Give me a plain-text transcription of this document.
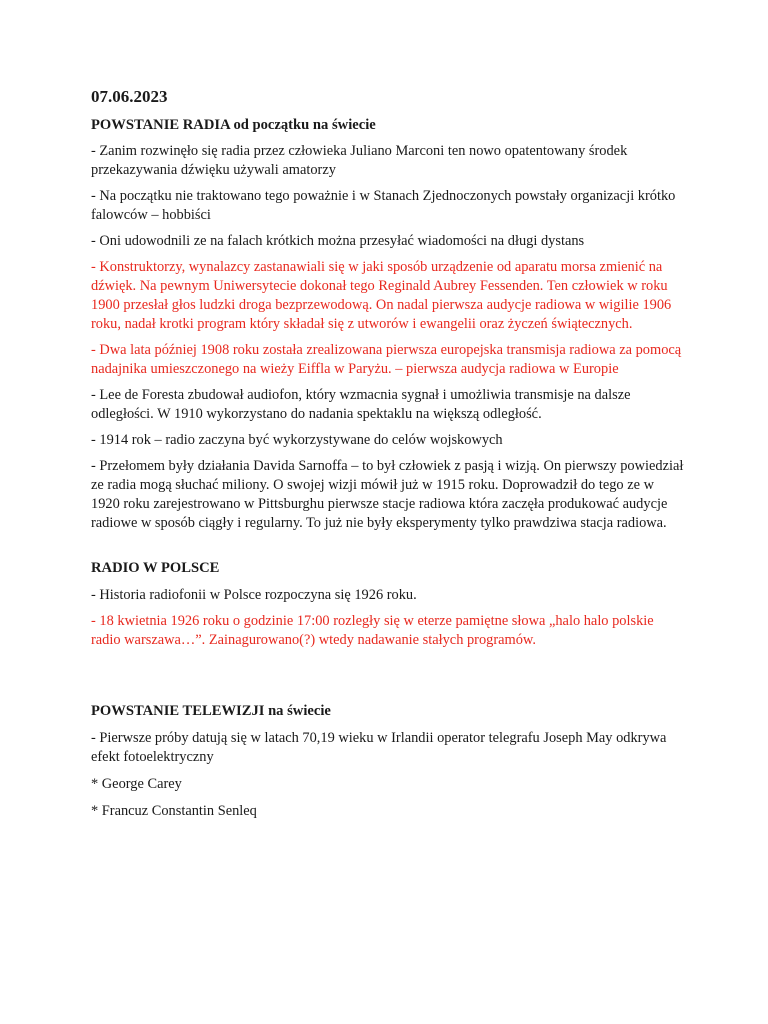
07.06.2023
POWSTANIE RADIA od początku na świecie
- Zanim rozwinęło się radia przez człowieka Juliano Marconi ten nowo opatentowany środek przekazywania dźwięku używali amatorzy
- Na początku nie traktowano tego poważnie i w Stanach Zjednoczonych powstały organizacji krótko falowców – hobbiści
- Oni udowodnili ze na falach krótkich można przesyłać wiadomości na długi dystans
- Konstruktorzy, wynalazcy zastanawiali się w jaki sposób urządzenie od aparatu morsa zmienić na dźwięk. Na pewnym Uniwersytecie dokonał tego Reginald Aubrey Fessenden. Ten człowiek w roku 1900 przesłał głos ludzki droga bezprzewodową. On nadal pierwsza audycje radiowa w wigilie 1906 roku, nadał krotki program który składał się z utworów i ewangelii oraz życzeń świątecznych.
- Dwa lata później 1908 roku została zrealizowana pierwsza europejska transmisja radiowa za pomocą nadajnika umieszczonego na wieży Eiffla w Paryżu. – pierwsza audycja radiowa w Europie
- Lee de Foresta zbudował audiofon, który wzmacnia sygnał i umożliwia transmisje na dalsze odległości. W 1910 wykorzystano do nadania spektaklu na większą odległość.
- 1914 rok – radio zaczyna być wykorzystywane do celów wojskowych
- Przełomem były działania Davida Sarnoffa – to był człowiek z pasją i wizją. On pierwszy powiedział ze radia mogą słuchać miliony. O swojej wizji mówił już w 1915 roku. Doprowadził do tego ze w 1920 roku zarejestrowano w Pittsburghu pierwsze stacje radiowa która zaczęła produkować audycje radiowe w sposób ciągły i regularny. To już nie były eksperymenty tylko prawdziwa stacja radiowa.
RADIO W POLSCE
- Historia radiofonii w Polsce rozpoczyna się 1926 roku.
- 18 kwietnia 1926 roku o godzinie 17:00 rozległy się w eterze pamiętne słowa „halo halo polskie radio warszawa…”. Zainagurowano(?) wtedy nadawanie stałych programów.
POWSTANIE TELEWIZJI na świecie
- Pierwsze próby datują się w latach 70,19 wieku w Irlandii operator telegrafu Joseph May odkrywa efekt fotoelektryczny
* George Carey
* Francuz Constantin Senleq
